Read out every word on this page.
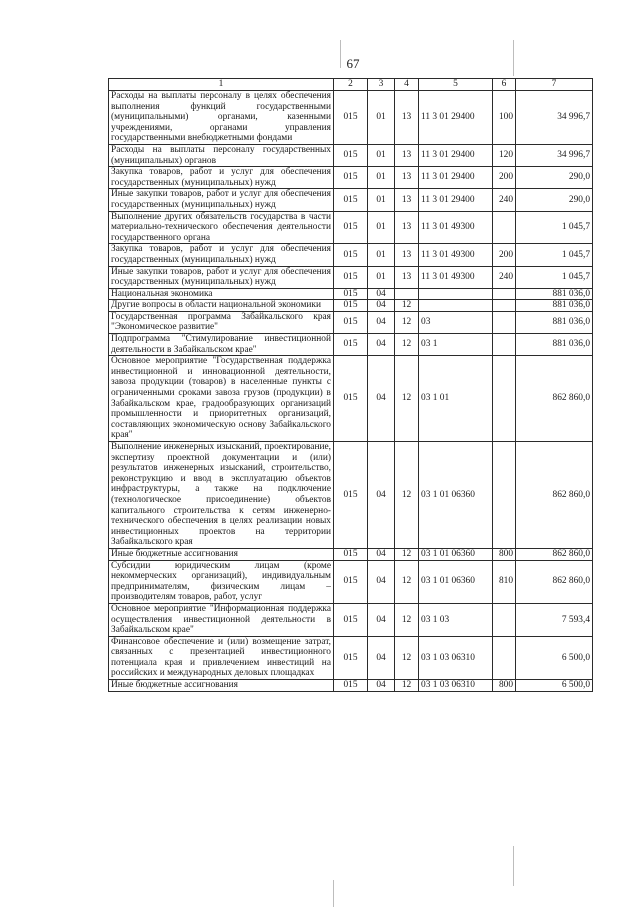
67
1	2	3	4	5	6	7
Расходы на выплаты персоналу в целях обеспечения выполнения функций государственными (муниципальными) органами, казенными учреждениями, органами управления государственными внебюджетными фондами	015	01	13	11 3 01 29400	100	34 996,7
Расходы на выплаты персоналу государственных (муниципальных) органов	015	01	13	11 3 01 29400	120	34 996,7
Закупка товаров, работ и услуг для обеспечения государственных (муниципальных) нужд	015	01	13	11 3 01 29400	200	290,0
Иные закупки товаров, работ и услуг для обеспечения государственных (муниципальных) нужд	015	01	13	11 3 01 29400	240	290,0
Выполнение других обязательств государства в части материально-технического обеспечения деятельности государственного органа	015	01	13	11 3 01 49300		1 045,7
Закупка товаров, работ и услуг для обеспечения государственных (муниципальных) нужд	015	01	13	11 3 01 49300	200	1 045,7
Иные закупки товаров, работ и услуг для обеспечения государственных (муниципальных) нужд	015	01	13	11 3 01 49300	240	1 045,7
Национальная экономика	015	04				881 036,0
Другие вопросы в области национальной экономики	015	04	12			881 036,0
Государственная программа Забайкальского края "Экономическое развитие"	015	04	12	03		881 036,0
Подпрограмма "Стимулирование инвестиционной деятельности в Забайкальском крае"	015	04	12	03 1		881 036,0
Основное мероприятие "Государственная поддержка инвестиционной и инновационной деятельности, завоза продукции (товаров) в населенные пункты с ограниченными сроками завоза грузов (продукции) в Забайкальском крае, градообразующих организаций промышленности и приоритетных организаций, составляющих экономическую основу Забайкальского края"	015	04	12	03 1 01		862 860,0
Выполнение инженерных изысканий, проектирование, экспертизу проектной документации и (или) результатов инженерных изысканий, строительство, реконструкцию и ввод в эксплуатацию объектов инфраструктуры, а также на подключение (технологическое присоединение) объектов капитального строительства к сетям инженерно-технического обеспечения в целях реализации новых инвестиционных проектов на территории Забайкальского края	015	04	12	03 1 01 06360		862 860,0
Иные бюджетные ассигнования	015	04	12	03 1 01 06360	800	862 860,0
Субсидии юридическим лицам (кроме некоммерческих организаций), индивидуальным предпринимателям, физическим лицам – производителям товаров, работ, услуг	015	04	12	03 1 01 06360	810	862 860,0
Основное мероприятие "Информационная поддержка осуществления инвестиционной деятельности в Забайкальском крае"	015	04	12	03 1 03		7 593,4
Финансовое обеспечение и (или) возмещение затрат, связанных с презентацией инвестиционного потенциала края и привлечением инвестиций на российских и международных деловых площадках	015	04	12	03 1 03 06310		6 500,0
Иные бюджетные ассигнования	015	04	12	03 1 03 06310	800	6 500,0
